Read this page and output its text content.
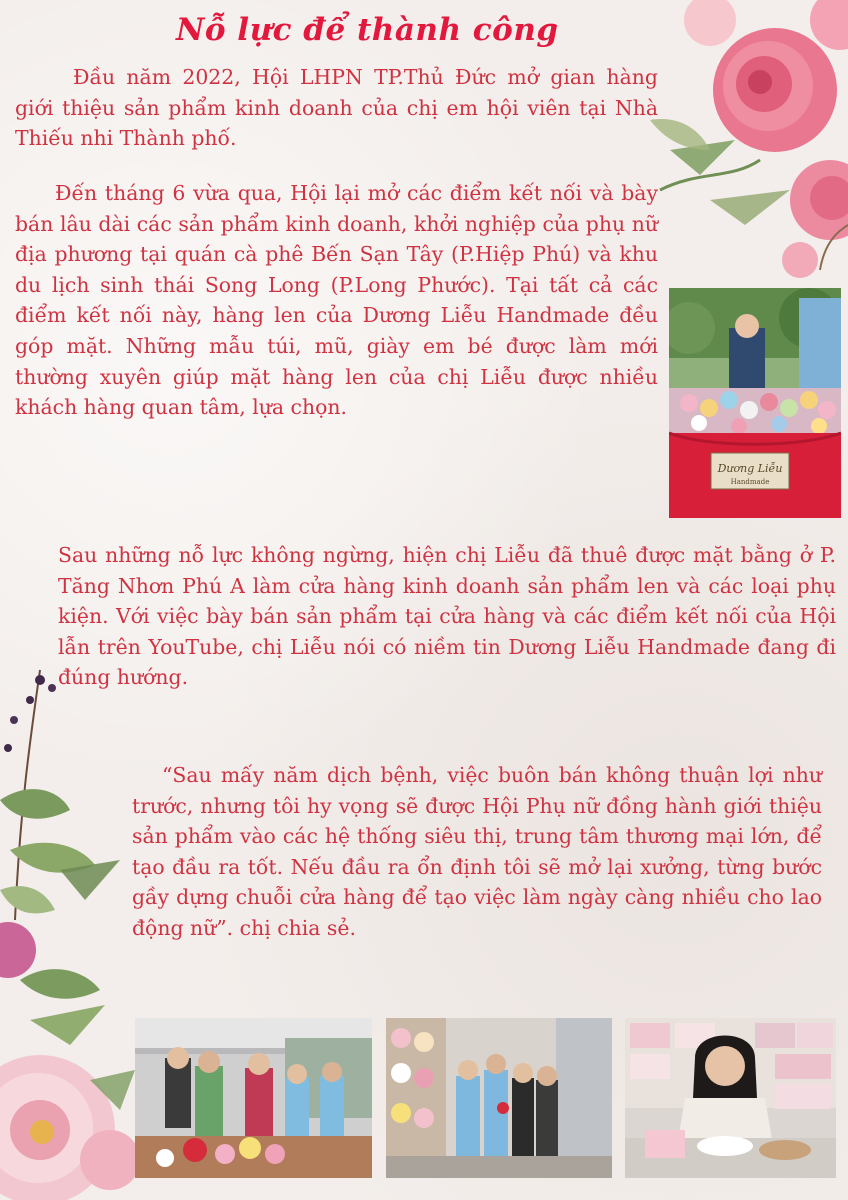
Nỗ lực để thành công

Đầu năm 2022, Hội LHPN TP.Thủ Đức mở gian hàng giới thiệu sản phẩm kinh doanh của chị em hội viên tại Nhà Thiếu nhi Thành phố.

Đến tháng 6 vừa qua, Hội lại mở các điểm kết nối và bày bán lâu dài các sản phẩm kinh doanh, khởi nghiệp của phụ nữ địa phương tại quán cà phê Bến Sạn Tây (P.Hiệp Phú) và khu du lịch sinh thái Song Long (P.Long Phước). Tại tất cả các điểm kết nối này, hàng len của Dương Liễu Handmade đều góp mặt. Những mẫu túi, mũ, giày em bé được làm mới thường xuyên giúp mặt hàng len của chị Liễu được nhiều khách hàng quan tâm, lựa chọn.

Sau những nỗ lực không ngừng, hiện chị Liễu đã thuê được mặt bằng ở P. Tăng Nhơn Phú A làm cửa hàng kinh doanh sản phẩm len và các loại phụ kiện. Với việc bày bán sản phẩm tại cửa hàng và các điểm kết nối của Hội lẫn trên YouTube, chị Liễu nói có niềm tin Dương Liễu Handmade đang đi đúng hướng.

“Sau mấy năm dịch bệnh, việc buôn bán không thuận lợi như trước, nhưng tôi hy vọng sẽ được Hội Phụ nữ đồng hành giới thiệu sản phẩm vào các hệ thống siêu thị, trung tâm thương mại lớn, để tạo đầu ra tốt. Nếu đầu ra ổn định tôi sẽ mở lại xưởng, từng bước gầy dựng chuỗi cửa hàng để tạo việc làm ngày càng nhiều cho lao động nữ”. chị chia sẻ.

Dương Liễu
Handmade
